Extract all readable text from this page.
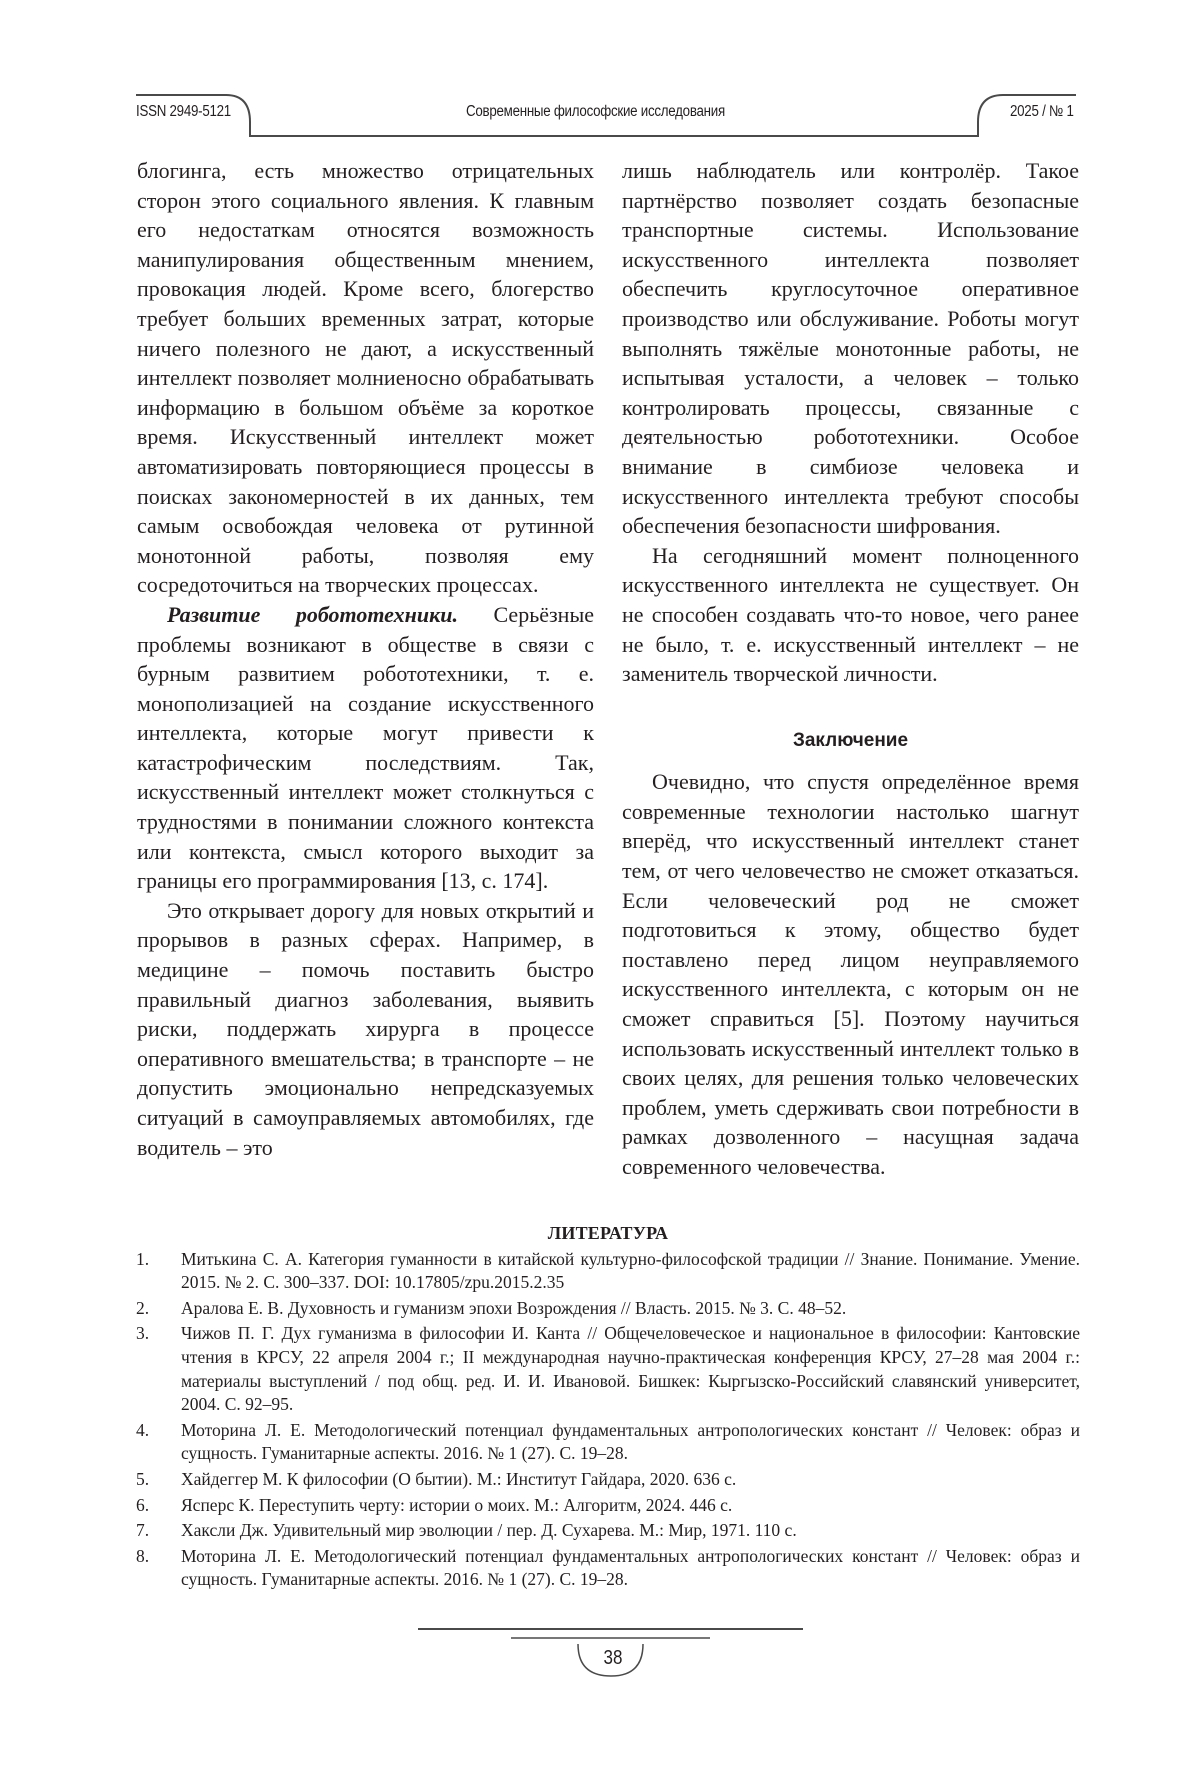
ISSN 2949-5121	Современные философские исследования	2025 / № 1

блогинга, есть множество отрицательных сторон этого социального явления. К главным его недостаткам относятся возможность манипулирования общественным мнением, провокация людей. Кроме всего, блогерство требует больших временных затрат, которые ничего полезного не дают, а искусственный интеллект позволяет молниеносно обрабатывать информацию в большом объёме за короткое время. Искусственный интеллект может автоматизировать повторяющиеся процессы в поисках закономерностей в их данных, тем самым освобождая человека от рутинной монотонной работы, позволяя ему сосредоточиться на творческих процессах.

Развитие робототехники. Серьёзные проблемы возникают в обществе в связи с бурным развитием робототехники, т. е. монополизацией на создание искусственного интеллекта, которые могут привести к катастрофическим последствиям. Так, искусственный интеллект может столкнуться с трудностями в понимании сложного контекста или контекста, смысл которого выходит за границы его программирования [13, с. 174].

Это открывает дорогу для новых открытий и прорывов в разных сферах. Например, в медицине – помочь поставить быстро правильный диагноз заболевания, выявить риски, поддержать хирурга в процессе оперативного вмешательства; в транспорте – не допустить эмоционально непредсказуемых ситуаций в самоуправляемых автомобилях, где водитель – это

лишь наблюдатель или контролёр. Такое партнёрство позволяет создать безопасные транспортные системы. Использование искусственного интеллекта позволяет обеспечить круглосуточное оперативное производство или обслуживание. Роботы могут выполнять тяжёлые монотонные работы, не испытывая усталости, а человек – только контролировать процессы, связанные с деятельностью робототехники. Особое внимание в симбиозе человека и искусственного интеллекта требуют способы обеспечения безопасности шифрования.

На сегодняшний момент полноценного искусственного интеллекта не существует. Он не способен создавать что-то новое, чего ранее не было, т. е. искусственный интеллект – не заменитель творческой личности.

Заключение

Очевидно, что спустя определённое время современные технологии настолько шагнут вперёд, что искусственный интеллект станет тем, от чего человечество не сможет отказаться. Если человеческий род не сможет подготовиться к этому, общество будет поставлено перед лицом неуправляемого искусственного интеллекта, с которым он не сможет справиться [5]. Поэтому научиться использовать искусственный интеллект только в своих целях, для решения только человеческих проблем, уметь сдерживать свои потребности в рамках дозволенного – насущная задача современного человечества.

ЛИТЕРАТУРА
1.	Митькина С. А. Категория гуманности в китайской культурно-философской традиции // Знание. Понимание. Умение. 2015. № 2. С. 300–337. DOI: 10.17805/zpu.2015.2.35
2.	Аралова Е. В. Духовность и гуманизм эпохи Возрождения // Власть. 2015. № 3. С. 48–52.
3.	Чижов П. Г. Дух гуманизма в философии И. Канта // Общечеловеческое и национальное в философии: Кантовские чтения в КРСУ, 22 апреля 2004 г.; II международная научно-практическая конференция КРСУ, 27–28 мая 2004 г.: материалы выступлений / под общ. ред. И. И. Ивановой. Бишкек: Кыргызско-Российский славянский университет, 2004. С. 92–95.
4.	Моторина Л. Е. Методологический потенциал фундаментальных антропологических констант // Человек: образ и сущность. Гуманитарные аспекты. 2016. № 1 (27). С. 19–28.
5.	Хайдеггер М. К философии (О бытии). М.: Институт Гайдара, 2020. 636 с.
6.	Ясперс К. Переступить черту: истории о моих. М.: Алгоритм, 2024. 446 с.
7.	Хаксли Дж. Удивительный мир эволюции / пер. Д. Сухарева. М.: Мир, 1971. 110 с.
8.	Моторина Л. Е. Методологический потенциал фундаментальных антропологических констант // Человек: образ и сущность. Гуманитарные аспекты. 2016. № 1 (27). С. 19–28.
38
